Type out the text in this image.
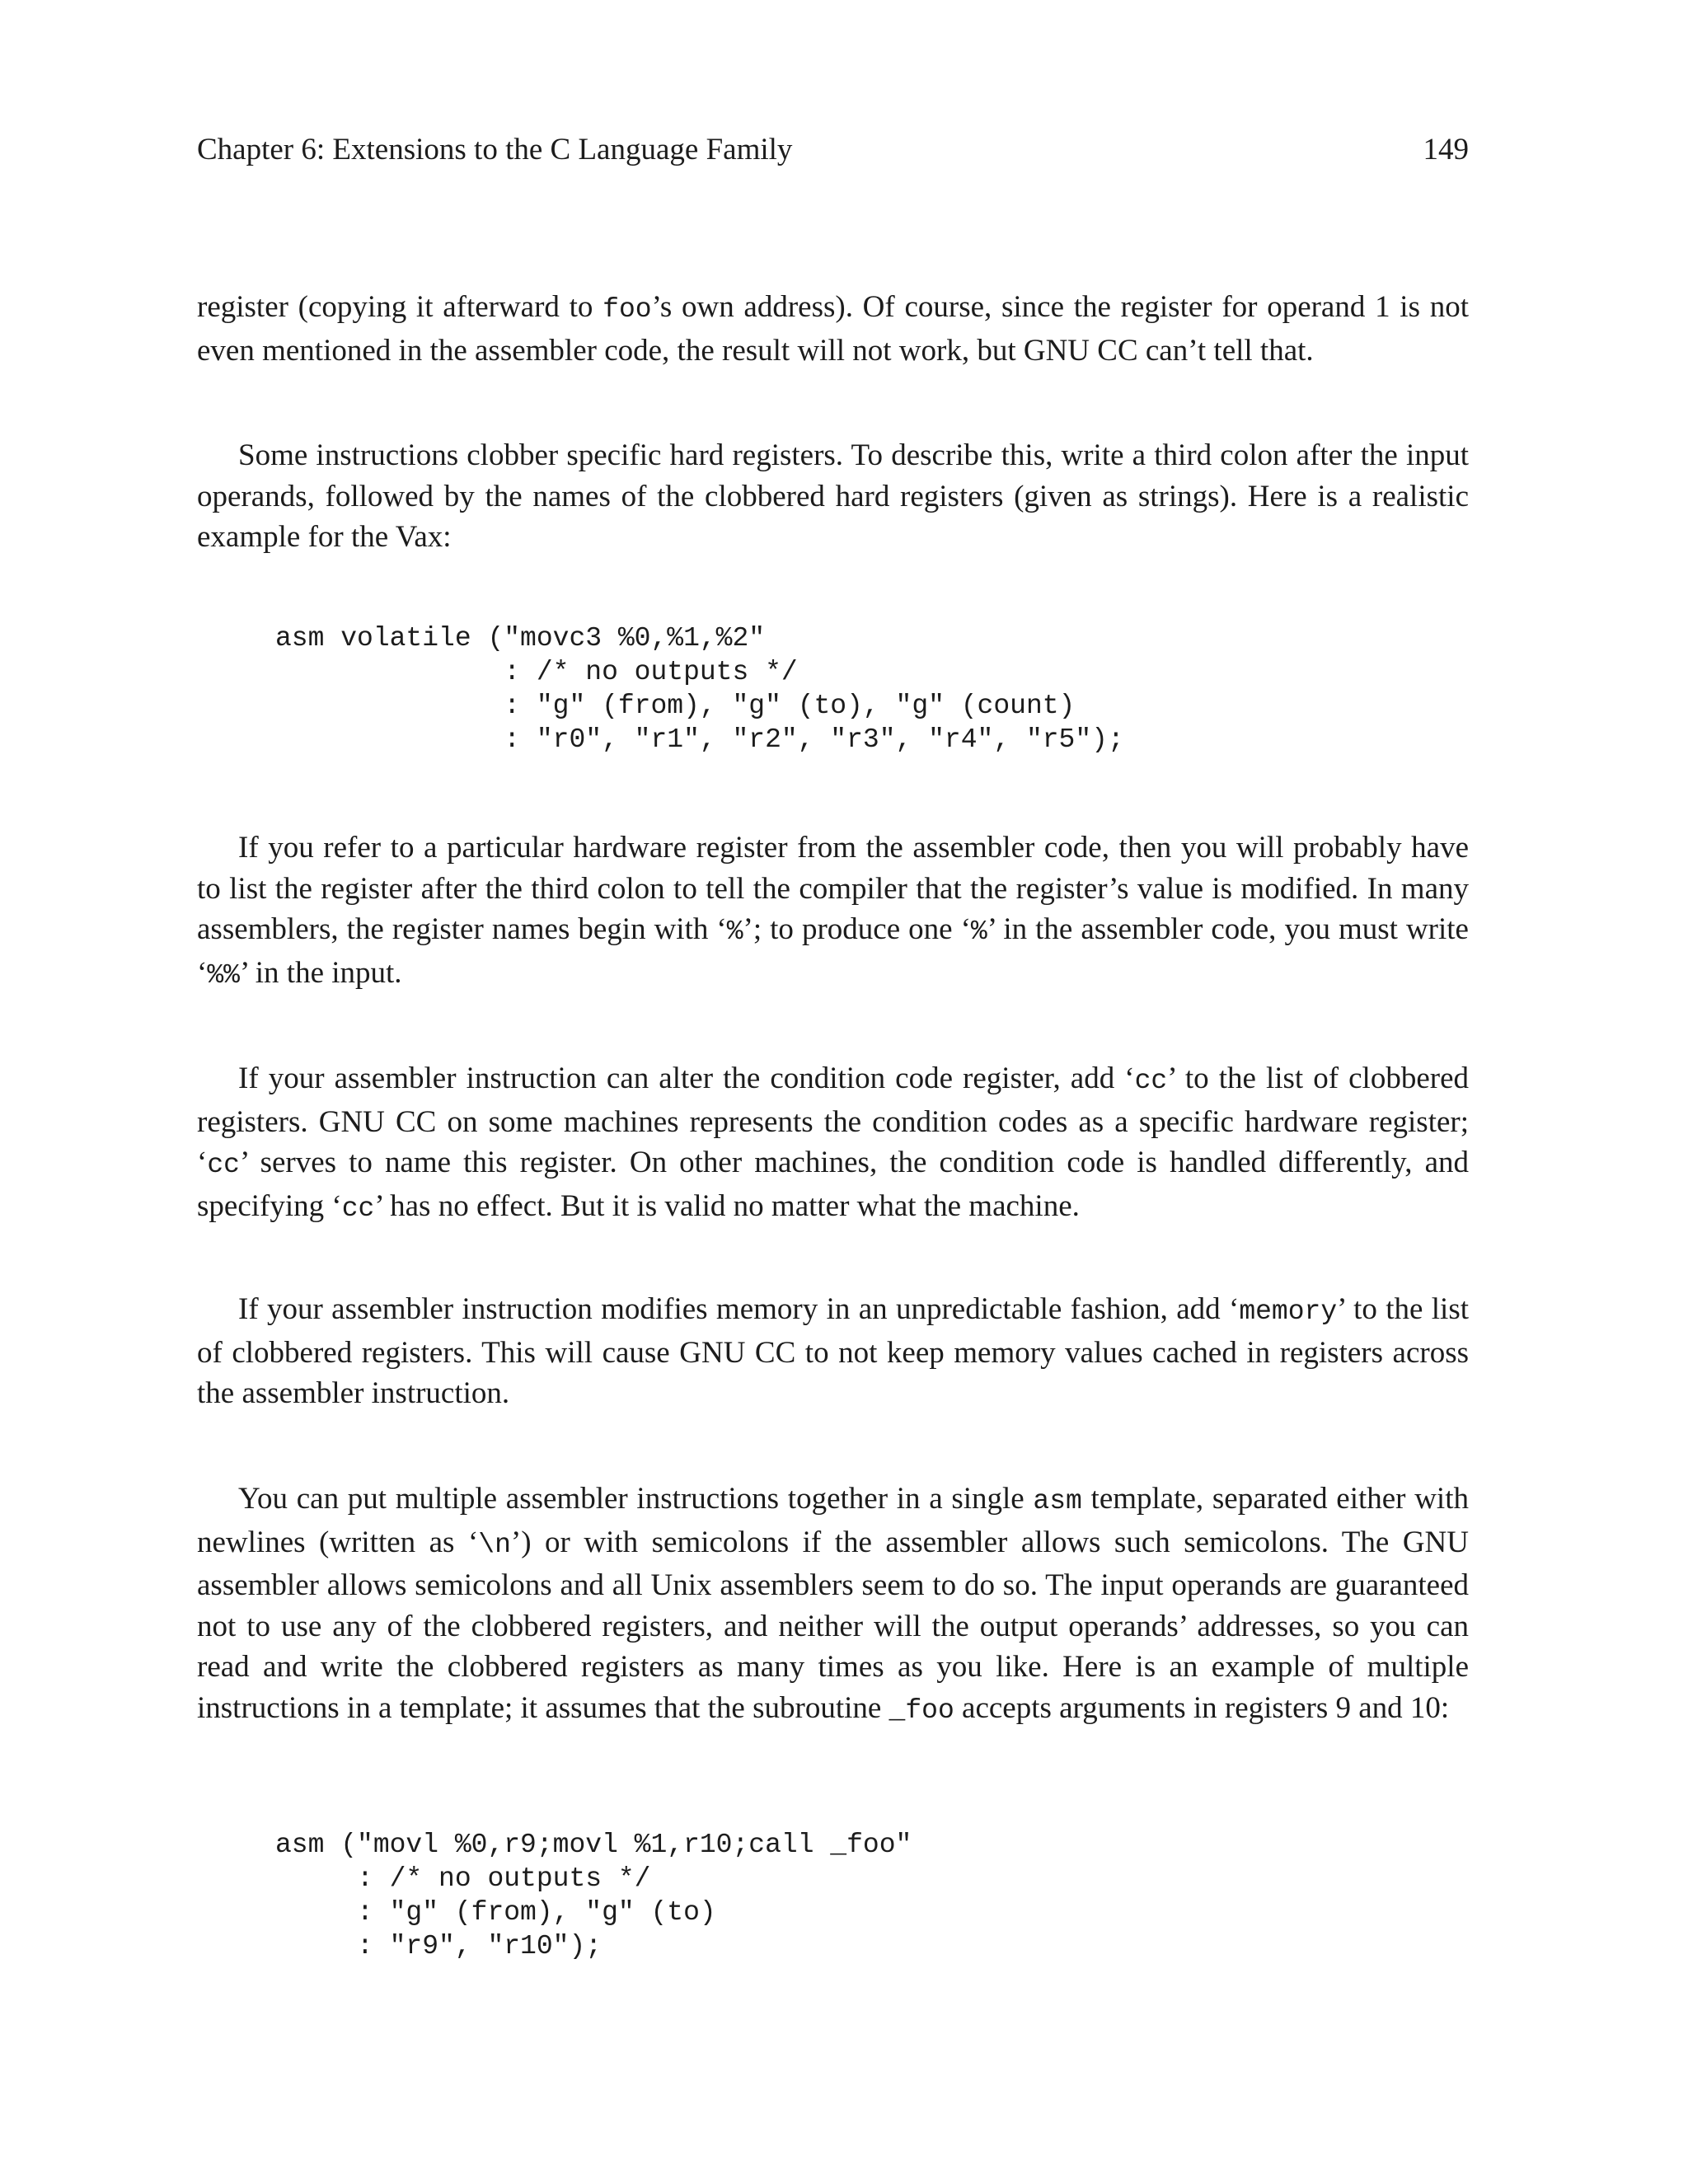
Chapter 6: Extensions to the C Language Family	149
register (copying it afterward to foo’s own address). Of course, since the register for operand 1 is not even mentioned in the assembler code, the result will not work, but GNU CC can’t tell that.
Some instructions clobber specific hard registers. To describe this, write a third colon after the input operands, followed by the names of the clobbered hard registers (given as strings). Here is a realistic example for the Vax:
asm volatile ("movc3 %0,%1,%2"
: /* no outputs */
: "g" (from), "g" (to), "g" (count)
: "r0", "r1", "r2", "r3", "r4", "r5");
If you refer to a particular hardware register from the assembler code, then you will probably have to list the register after the third colon to tell the compiler that the register’s value is modified. In many assemblers, the register names begin with ‘%’; to produce one ‘%’ in the assembler code, you must write ‘%%’ in the input.
If your assembler instruction can alter the condition code register, add ‘cc’ to the list of clobbered registers. GNU CC on some machines represents the condition codes as a specific hardware register; ‘cc’ serves to name this register. On other machines, the condition code is handled differently, and specifying ‘cc’ has no effect. But it is valid no matter what the machine.
If your assembler instruction modifies memory in an unpredictable fashion, add ‘memory’ to the list of clobbered registers. This will cause GNU CC to not keep memory values cached in registers across the assembler instruction.
You can put multiple assembler instructions together in a single asm template, separated either with newlines (written as ‘\n’) or with semicolons if the assembler allows such semicolons. The GNU assembler allows semicolons and all Unix assemblers seem to do so. The input operands are guaranteed not to use any of the clobbered registers, and neither will the output operands’ addresses, so you can read and write the clobbered registers as many times as you like. Here is an example of multiple instructions in a template; it assumes that the subroutine _foo accepts arguments in registers 9 and 10:
asm ("movl %0,r9;movl %1,r10;call _foo"
: /* no outputs */
: "g" (from), "g" (to)
: "r9", "r10");
